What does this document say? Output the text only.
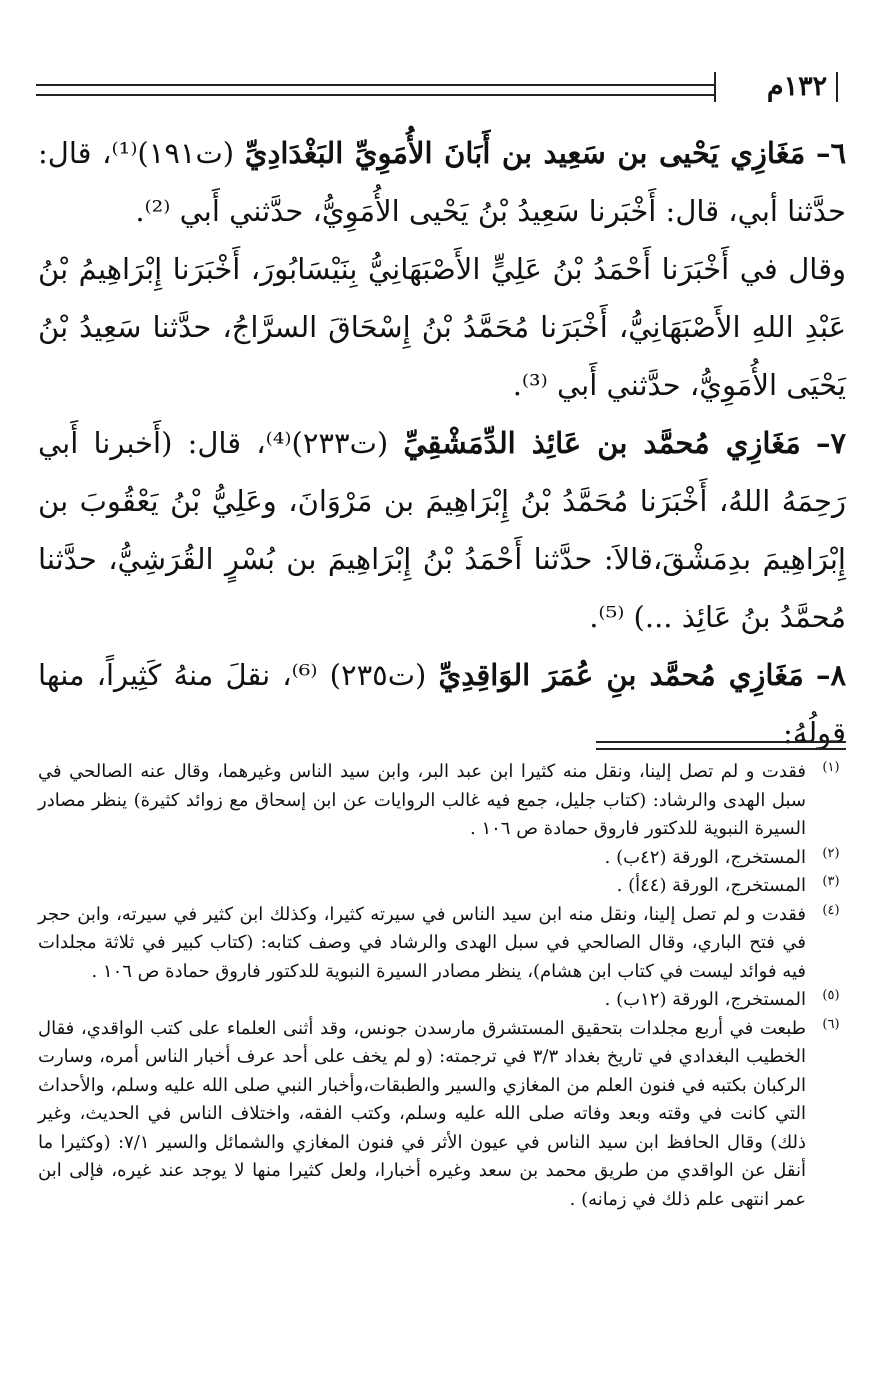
١٣٢م

٦– مَغَازِي يَحْيى بن سَعِيد بن أَبَانَ الأُمَوِيِّ البَغْدَادِيِّ (ت١٩١)⁽¹⁾، قال: حدَّثنا أبي، قال: أَخْبَرنا سَعِيدُ بْنُ يَحْيى الأُمَوِيُّ، حدَّثني أَبي ⁽²⁾.

وقال في أَخْبَرَنا أَحْمَدُ بْنُ عَلِيٍّ الأَصْبَهَانِيُّ بِنَيْسَابُورَ، أَخْبَرَنا إِبْرَاهِيمُ بْنُ عَبْدِ اللهِ الأَصْبَهَانِيُّ، أَخْبَرَنا مُحَمَّدُ بْنُ إِسْحَاقَ السرَّاجُ، حدَّثنا سَعِيدُ بْنُ يَحْيَى الأُمَوِيُّ، حدَّثني أَبي ⁽³⁾.

٧– مَغَازِي مُحمَّد بن عَائِذ الدِّمَشْقِيِّ (ت٢٣٣)⁽⁴⁾، قال: (أَخبرنا أَبي رَحِمَهُ اللهُ، أَخْبَرَنا مُحَمَّدُ بْنُ إِبْرَاهِيمَ بن مَرْوَانَ، وعَلِيُّ بْنُ يَعْقُوبَ بن إِبْرَاهِيمَ بدِمَشْقَ،قالاَ: حدَّثنا أَحْمَدُ بْنُ إِبْرَاهِيمَ بن بُسْرٍ القُرَشِيُّ، حدَّثنا مُحمَّدُ بنُ عَائِذ ...) ⁽⁵⁾.

٨– مَغَازِي مُحمَّد بنِ عُمَرَ الوَاقِدِيِّ (ت٢٣٥) ⁽⁶⁾، نقلَ منهُ كَثِيراً، منها قولُهُ:

(١)
فقدت و لم تصل إلينا، ونقل منه كثيرا ابن عبد البر، وابن سيد الناس وغيرهما، وقال عنه الصالحي في سبل الهدى والرشاد: (كتاب جليل، جمع فيه غالب الروايات عن ابن إسحاق مع زوائد كثيرة) ينظر مصادر السيرة النبوية للدكتور فاروق حمادة ص ١٠٦ .

(٢)
المستخرج، الورقة (٤٢ب) .

(٣)
المستخرج، الورقة (٤٤أ) .

(٤)
فقدت و لم تصل إلينا، ونقل منه ابن سيد الناس في سيرته كثيرا، وكذلك ابن كثير في سيرته، وابن حجر في فتح الباري، وقال الصالحي في سبل الهدى والرشاد في وصف كتابه: (كتاب كبير في ثلاثة مجلدات فيه فوائد ليست في كتاب ابن هشام)، ينظر مصادر السيرة النبوية للدكتور فاروق حمادة ص ١٠٦ .

(٥)
المستخرج، الورقة (١٢ب) .

(٦)
طبعت في أربع مجلدات بتحقيق المستشرق مارسدن جونس، وقد أثنى العلماء على كتب الواقدي، فقال الخطيب البغدادي في تاريخ بغداد ٣/٣ في ترجمته: (و لم يخف على أحد عرف أخبار الناس أمره، وسارت الركبان بكتبه في فنون العلم من المغازي والسير والطبقات،وأخبار النبي صلى الله عليه وسلم، والأحداث التي كانت في وقته وبعد وفاته صلى الله عليه وسلم، وكتب الفقه، واختلاف الناس في الحديث، وغير ذلك) وقال الحافظ ابن سيد الناس في عيون الأثر في فنون المغازي والشمائل والسير ٧/١: (وكثيرا ما أنقل عن الواقدي من طريق محمد بن سعد وغيره أخبارا، ولعل كثيرا منها لا يوجد عند غيره، فإلى ابن عمر انتهى علم ذلك في زمانه) .
